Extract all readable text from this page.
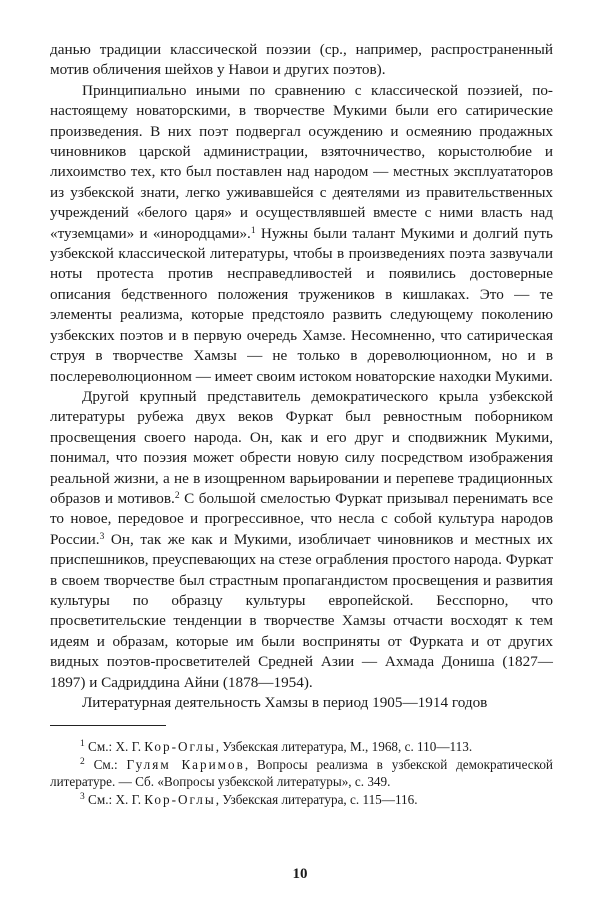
данью традиции классической поэзии (ср., например, распространенный мотив обличения шейхов у Навои и других поэтов).

Принципиально иными по сравнению с классической поэзией, по-настоящему новаторскими, в творчестве Мукими были его сатирические произведения. В них поэт подвергал осуждению и осмеянию продажных чиновников царской администрации, взяточничество, корыстолюбие и лихоимство тех, кто был поставлен над народом — местных эксплуататоров из узбекской знати, легко уживавшейся с деятелями из правительственных учреждений «белого царя» и осуществлявшей вместе с ними власть над «туземцами» и «инородцами».$^1$ Нужны были талант Мукими и долгий путь узбекской классической литературы, чтобы в произведениях поэта зазвучали ноты протеста против несправедливостей и появились достоверные описания бедственного положения тружеников в кишлаках. Это — те элементы реализма, которые предстояло развить следующему поколению узбекских поэтов и в первую очередь Хамзе. Несомненно, что сатирическая струя в творчестве Хамзы — не только в дореволюционном, но и в послереволюционном — имеет своим истоком новаторские находки Мукими.

Другой крупный представитель демократического крыла узбекской литературы рубежа двух веков Фуркат был ревностным поборником просвещения своего народа. Он, как и его друг и сподвижник Мукими, понимал, что поэзия может обрести новую силу посредством изображения реальной жизни, а не в изощренном варьировании и перепеве традиционных образов и мотивов.$^2$ С большой смелостью Фуркат призывал перенимать все то новое, передовое и прогрессивное, что несла с собой культура народов России.$^3$ Он, так же как и Мукими, изобличает чиновников и местных их приспешников, преуспевающих на стезе ограбления простого народа. Фуркат в своем творчестве был страстным пропагандистом просвещения и развития культуры по образцу культуры европейской. Бесспорно, что просветительские тенденции в творчестве Хамзы отчасти восходят к тем идеям и образам, которые им были восприняты от Фурката и от других видных поэтов-просветителей Средней Азии — Ахмада Дониша (1827—1897) и Садриддина Айни (1878—1954).

Литературная деятельность Хамзы в период 1905—1914 годов

$^1$ См.: Х. Г. Кор-Оглы, Узбекская литература, М., 1968, с. 110—113.

$^2$ См.: Гулям Каримов, Вопросы реализма в узбекской демократической литературе. — Сб. «Вопросы узбекской литературы», с. 349.

$^3$ См.: Х. Г. Кор-Оглы, Узбекская литература, с. 115—116.

10
